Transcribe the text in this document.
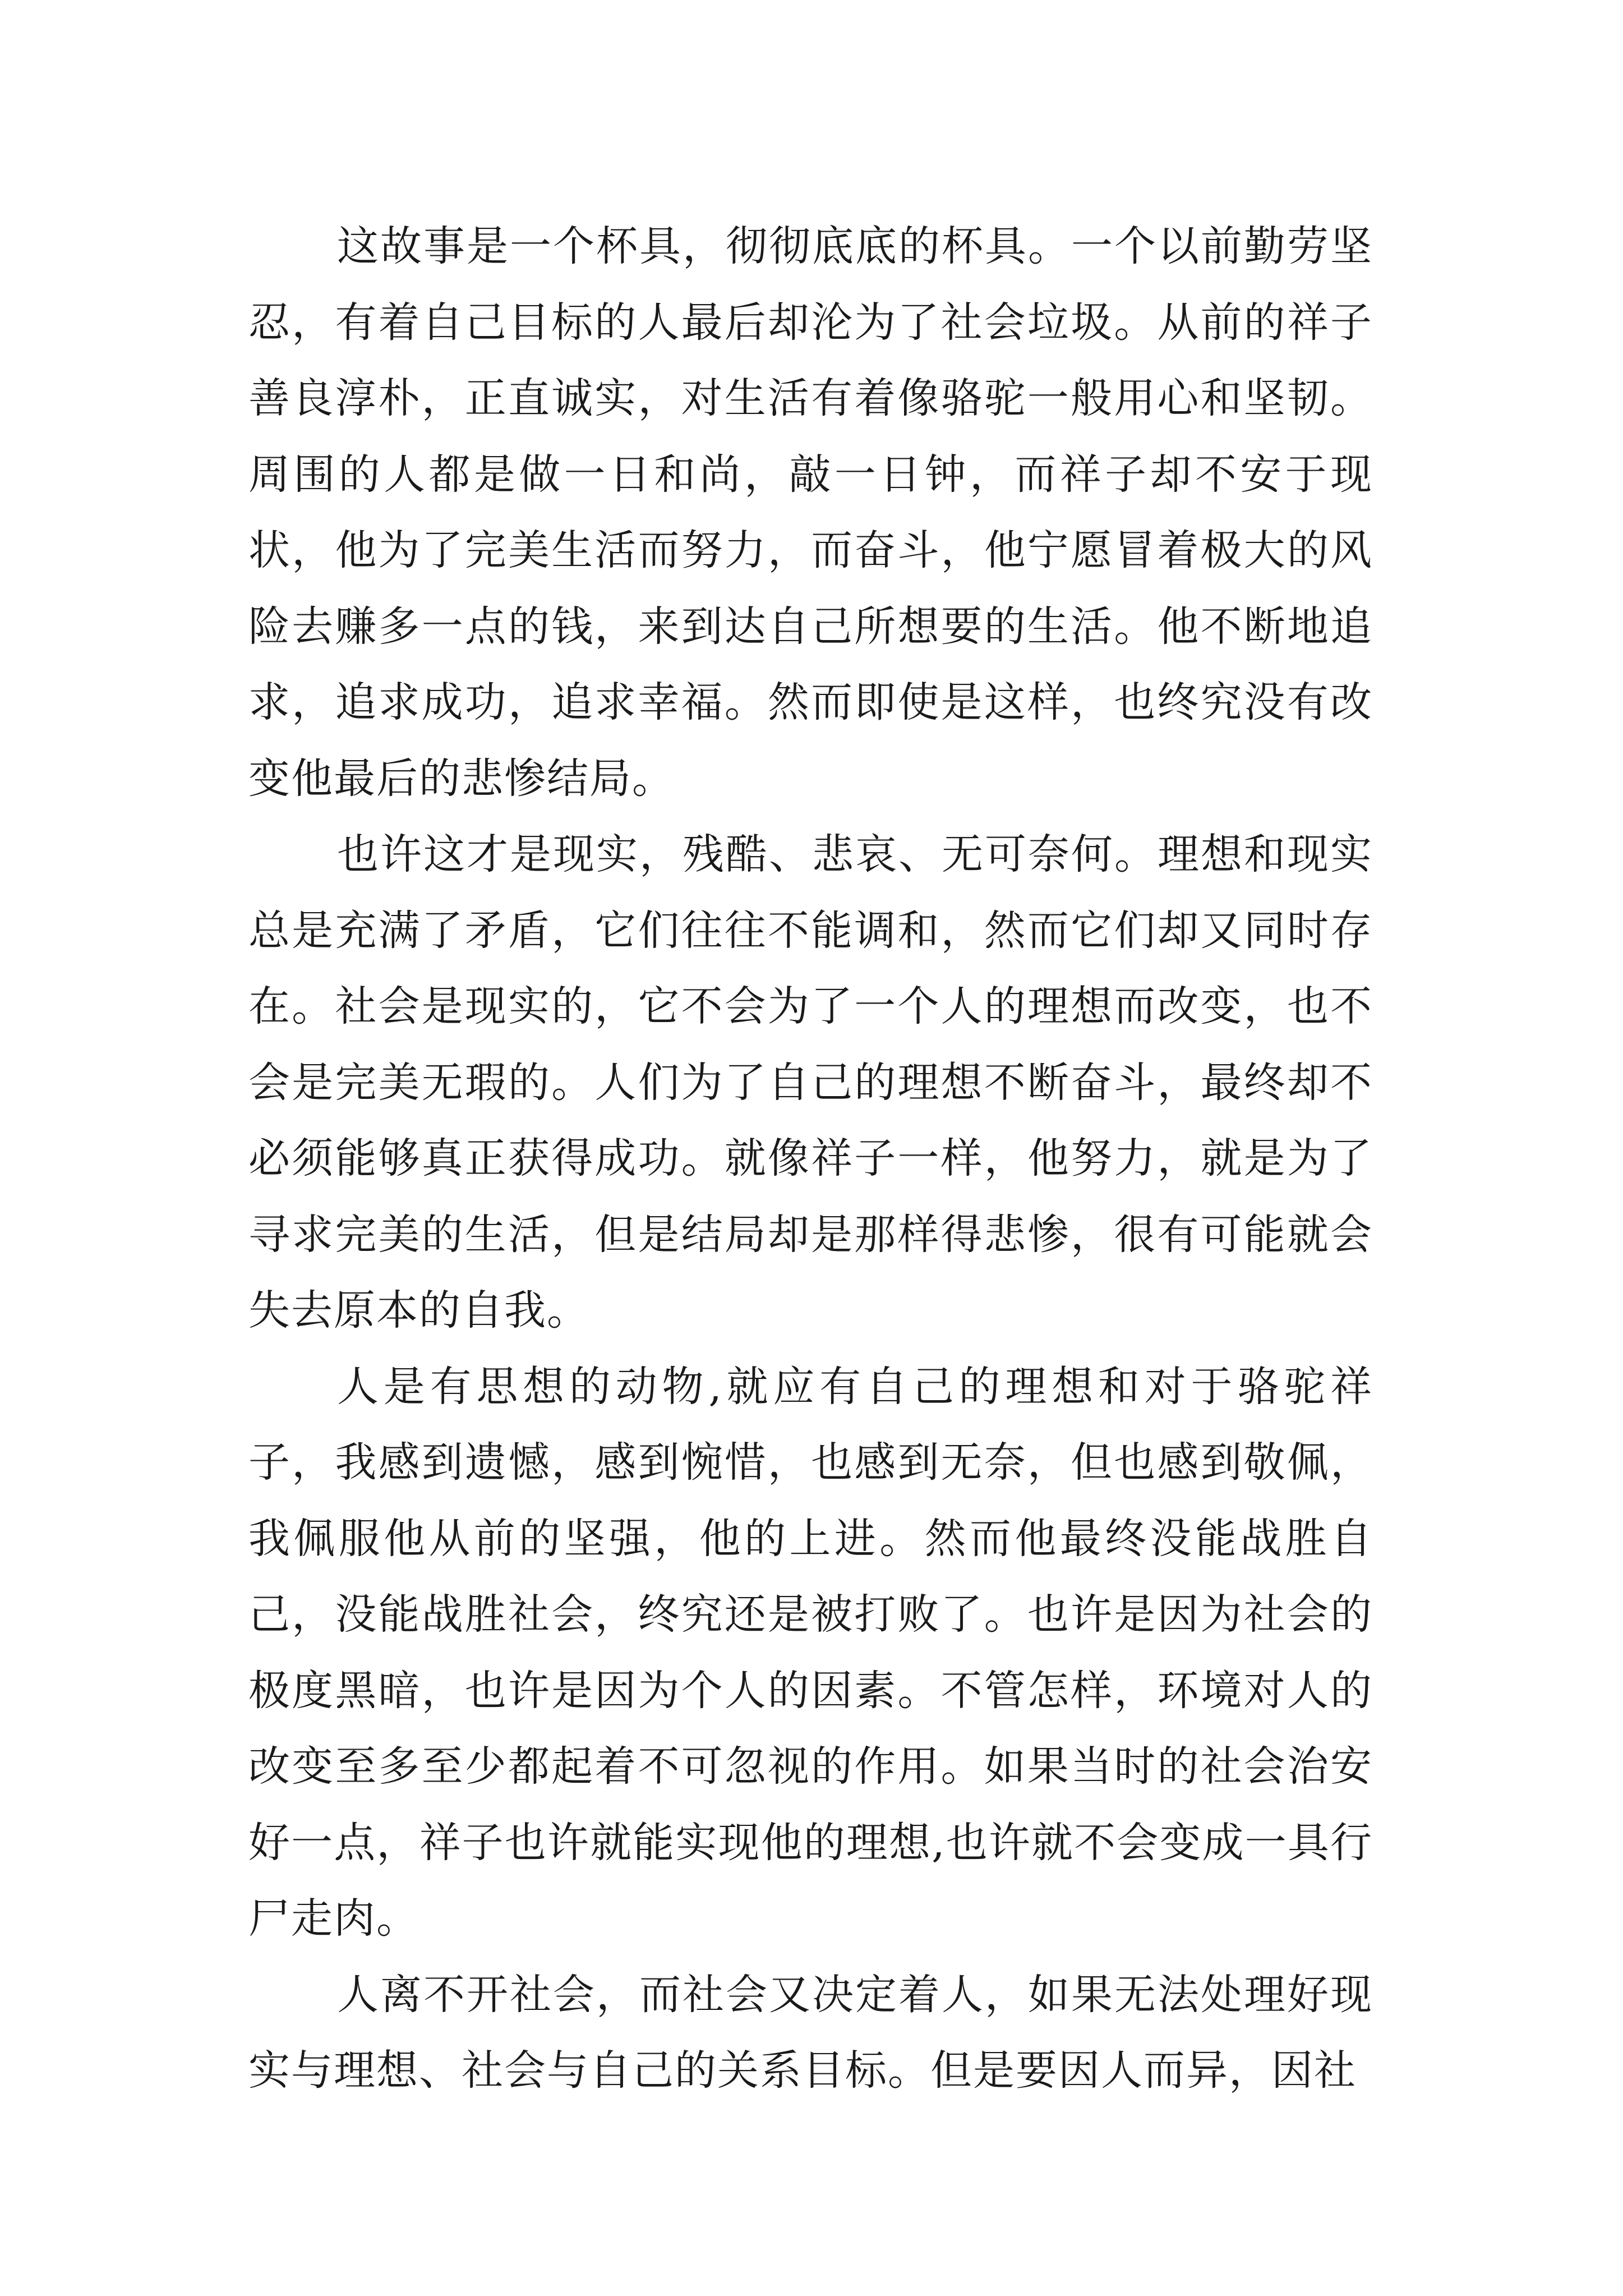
这故事是一个杯具，彻彻底底的杯具。一个以前勤劳坚忍，有着自己目标的人最后却沦为了社会垃圾。从前的祥子善良淳朴，正直诚实，对生活有着像骆驼一般用心和坚韧。周围的人都是做一日和尚，敲一日钟，而祥子却不安于现状，他为了完美生活而努力，而奋斗，他宁愿冒着极大的风险去赚多一点的钱，来到达自己所想要的生活。他不断地追求，追求成功，追求幸福。然而即使是这样，也终究没有改变他最后的悲惨结局。

也许这才是现实，残酷、悲哀、无可奈何。理想和现实总是充满了矛盾，它们往往不能调和，然而它们却又同时存在。社会是现实的，它不会为了一个人的理想而改变，也不会是完美无瑕的。人们为了自己的理想不断奋斗，最终却不必须能够真正获得成功。就像祥子一样，他努力，就是为了寻求完美的生活，但是结局却是那样得悲惨，很有可能就会失去原本的自我。

人是有思想的动物,就应有自己的理想和对于骆驼祥子，我感到遗憾，感到惋惜，也感到无奈，但也感到敬佩，我佩服他从前的坚强，他的上进。然而他最终没能战胜自己，没能战胜社会，终究还是被打败了。也许是因为社会的极度黑暗，也许是因为个人的因素。不管怎样，环境对人的改变至多至少都起着不可忽视的作用。如果当时的社会治安好一点，祥子也许就能实现他的理想,也许就不会变成一具行尸走肉。

人离不开社会，而社会又决定着人，如果无法处理好现实与理想、社会与自己的关系目标。但是要因人而异，因社
